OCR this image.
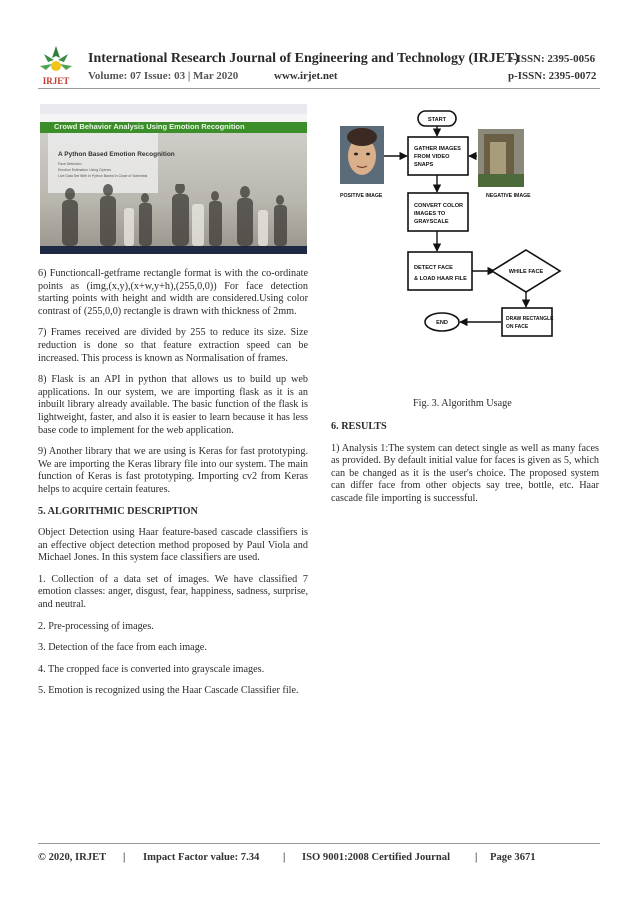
IRJET
International Research Journal of Engineering and Technology (IRJET)
Volume: 07 Issue: 03 | Mar 2020	www.irjet.net
e-ISSN: 2395-0056
p-ISSN: 2395-0072
Crowd Behavior Analysis Using Emotion Recognition
A Python Based Emotion Recognition
Face Detection
Emotion Estimation Using Opencv
Live Data Set With In Python Based In Close of Scientists

6) Functioncall-getframe rectangle format is with the co-ordinate points as (img,(x,y),(x+w,y+h),(255,0,0)) For face detection starting points with height and width are considered.Using color contrast of (255,0,0) rectangle is drawn with thickness of 2mm.

7) Frames received are divided by 255 to reduce its size. Size reduction is done so that feature extraction speed can be increased. This process is known as Normalisation of frames.

8) Flask is an API in python that allows us to build up web applications. In our system, we are importing flask as it is an inbuilt library already available. The basic function of the flask is lightweight, faster, and also it is easier to learn because it has less base code to implement for the web application.

9) Another library that we are using is Keras for fast prototyping. We are importing the Keras library file into our system. The main function of Keras is fast prototyping. Importing cv2 from Keras helps to acquire certain features.

5. ALGORITHMIC DESCRIPTION

Object Detection using Haar feature-based cascade classifiers is an effective object detection method proposed by Paul Viola and Michael Jones. In this system face classifiers are used.

1. Collection of a data set of images. We have classified 7 emotion classes: anger, disgust, fear, happiness, sadness, surprise, and neutral.

2. Pre-processing of images.

3. Detection of the face from each image.

4. The cropped face is converted into grayscale images.

5. Emotion is recognized using the Haar Cascade Classifier file.

POSITIVE IMAGE	NEGATIVE IMAGE
START
GATHER IMAGES
FROM VIDEO
SNAPS
CONVERT COLOR
IMAGES TO
GRAYSCALE
DETECT FACE
& LOAD HAAR FILE
WHILE FACE
DRAW RECTANGLE
ON FACE
END
Fig. 3. Algorithm Usage
6. RESULTS

1) Analysis 1:The system can detect single as well as many faces as provided. By default initial value for faces is given as 5, which can be changed as it is the user's choice. The proposed system can differ face from other objects say tree, bottle, etc. Haar cascade file importing is successful.

© 2020, IRJET | Impact Factor value: 7.34 | ISO 9001:2008 Certified Journal | Page 3671
